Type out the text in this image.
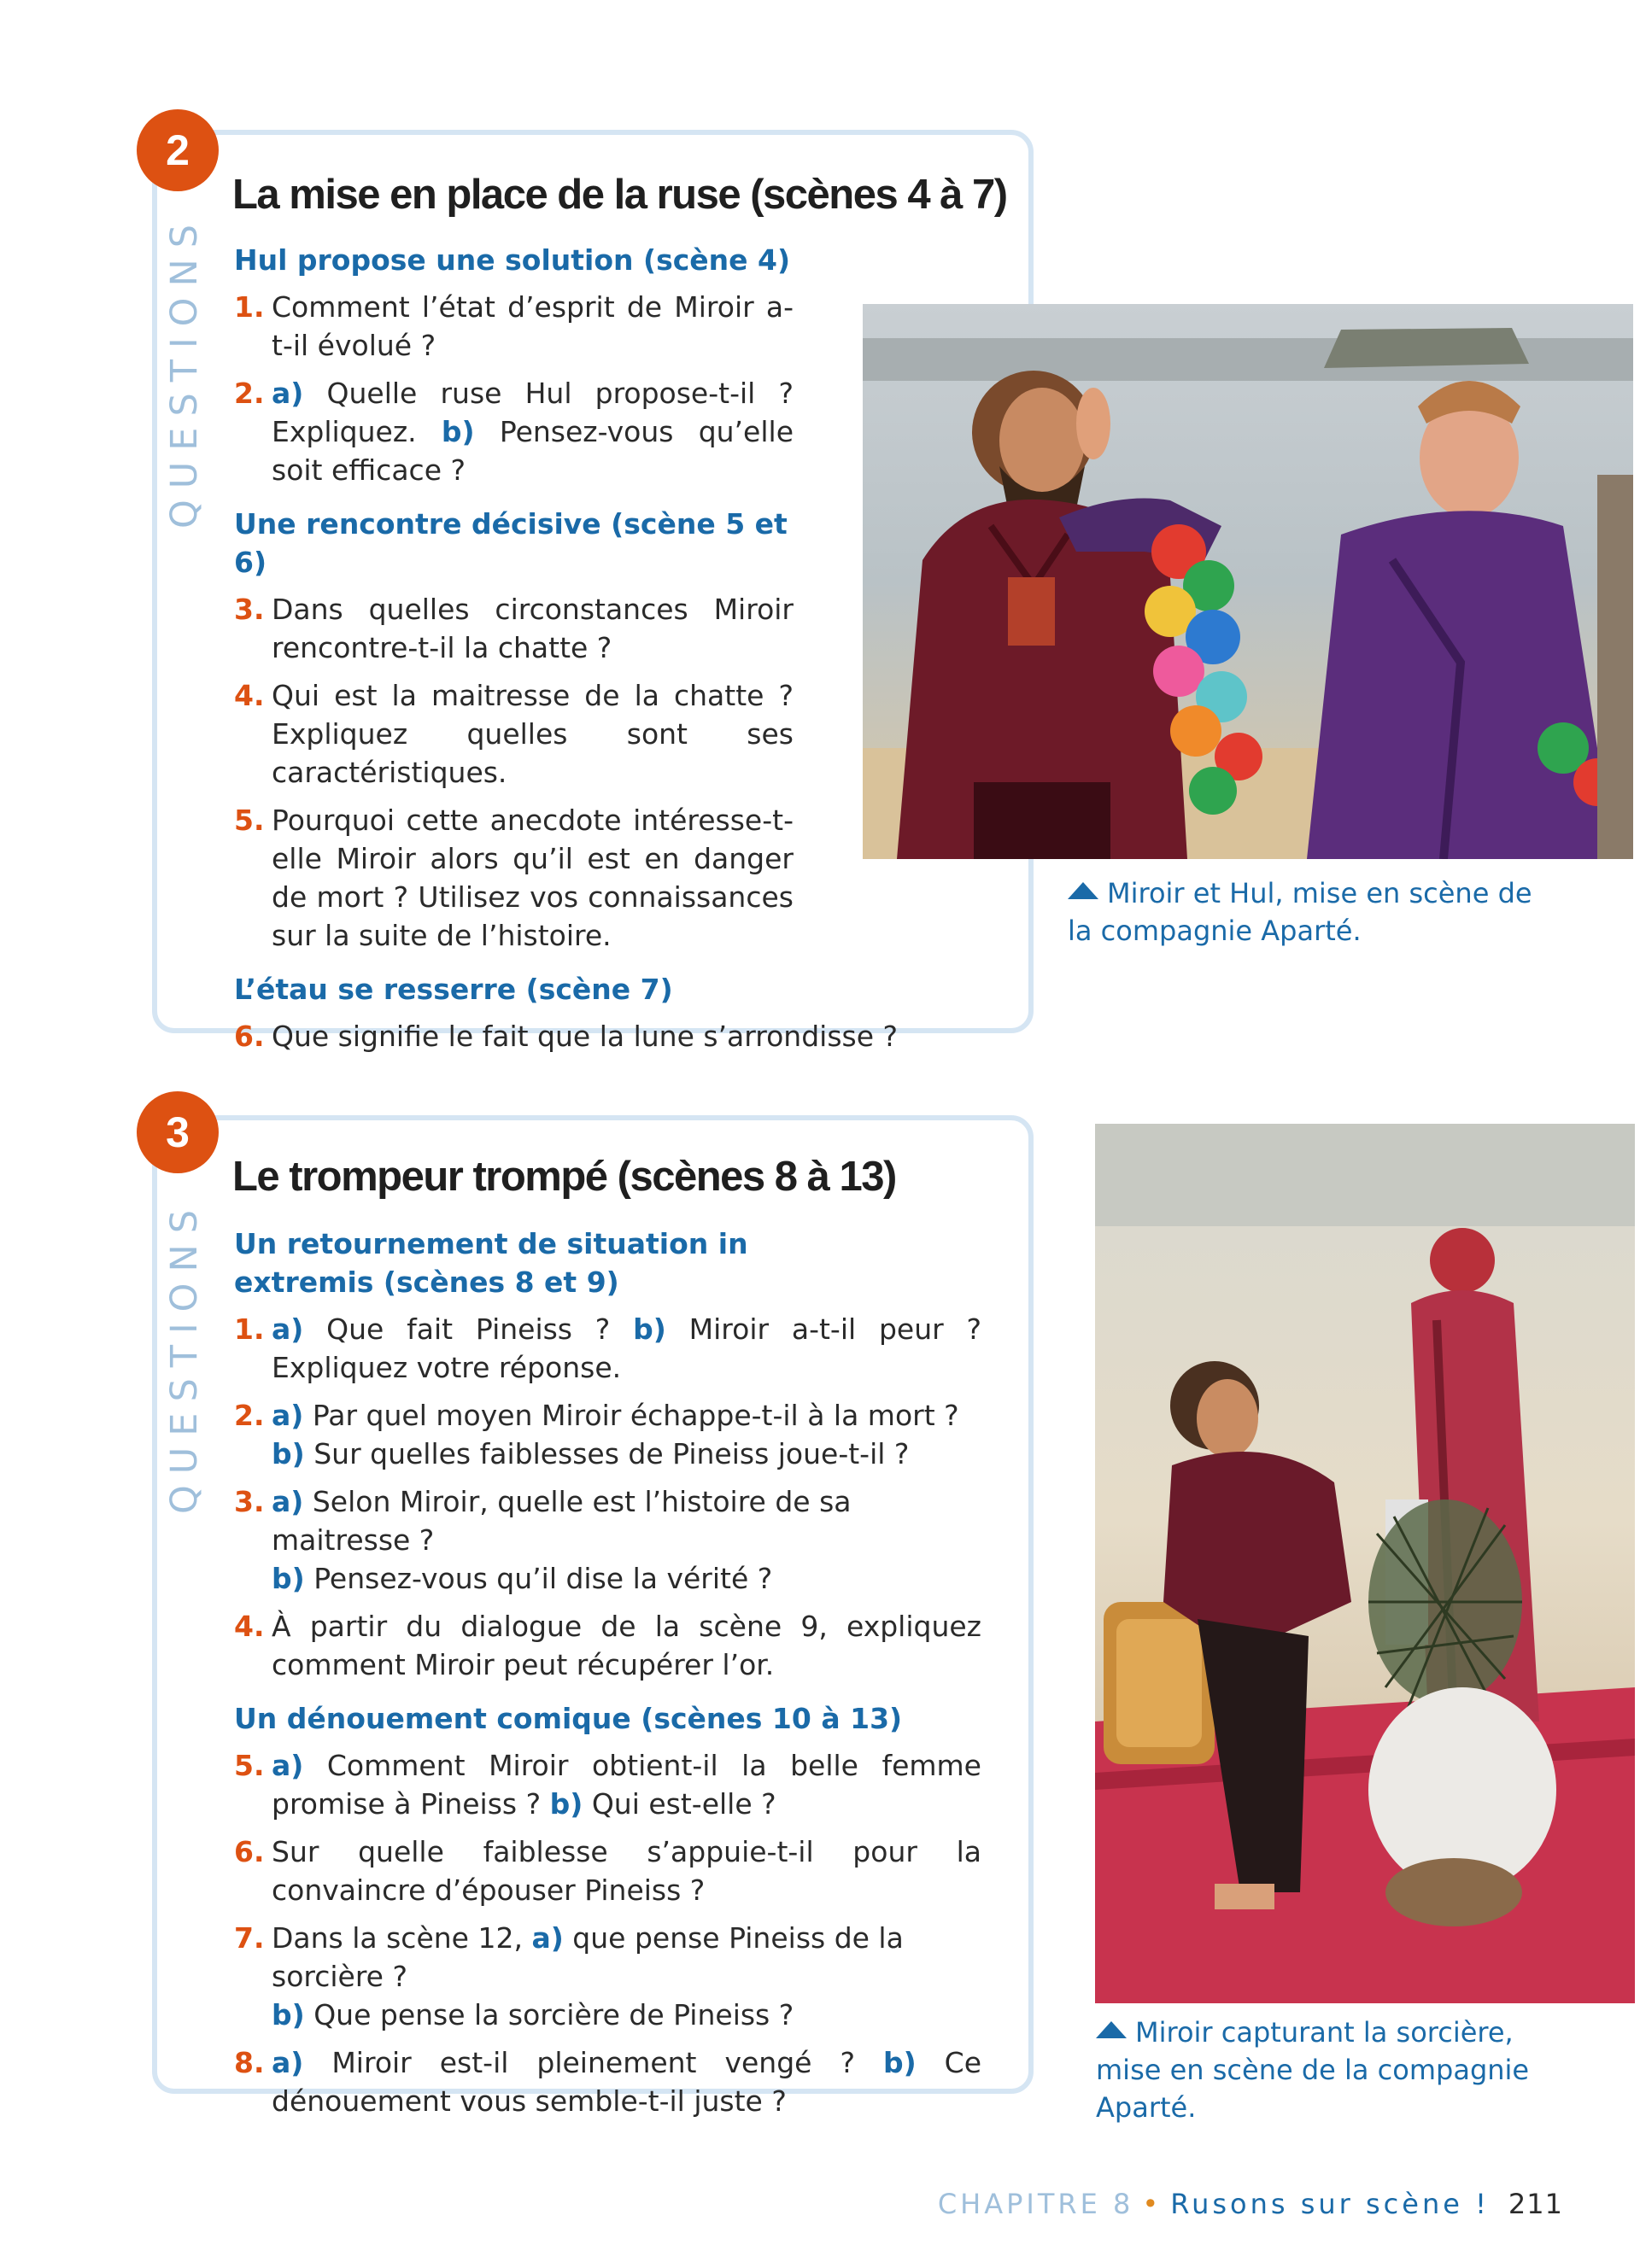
2
QUESTIONS
La mise en place de la ruse (scènes 4 à 7)
Hul propose une solution (scène 4)
1. Comment l’état d’esprit de Miroir a-t-il évolué ?
2. a) Quelle ruse Hul propose-t-il ? Expliquez. b) Pensez-vous qu’elle soit efficace ?
Une rencontre décisive (scène 5 et 6)
3. Dans quelles circonstances Miroir rencontre-t-il la chatte ?
4. Qui est la maitresse de la chatte ? Expliquez quelles sont ses caractéristiques.
5. Pourquoi cette anecdote intéresse-t-elle Miroir alors qu’il est en danger de mort ? Utilisez vos connaissances sur la suite de l’histoire.
L’étau se resserre (scène 7)
6. Que signifie le fait que la lune s’arrondisse ?
Miroir et Hul, mise en scène de la compagnie Aparté.
3
QUESTIONS
Le trompeur trompé (scènes 8 à 13)
Un retournement de situation in extremis (scènes 8 et 9)
1. a) Que fait Pineiss ? b) Miroir a-t-il peur ? Expliquez votre réponse.
2. a) Par quel moyen Miroir échappe-t-il à la mort ?
b) Sur quelles faiblesses de Pineiss joue-t-il ?
3. a) Selon Miroir, quelle est l’histoire de sa maitresse ?
b) Pensez-vous qu’il dise la vérité ?
4. À partir du dialogue de la scène 9, expliquez comment Miroir peut récupérer l’or.
Un dénouement comique (scènes 10 à 13)
5. a) Comment Miroir obtient-il la belle femme promise à Pineiss ? b) Qui est-elle ?
6. Sur quelle faiblesse s’appuie-t-il pour la convaincre d’épouser Pineiss ?
7. Dans la scène 12, a) que pense Pineiss de la sorcière ?
b) Que pense la sorcière de Pineiss ?
8. a) Miroir est-il pleinement vengé ? b) Ce dénouement vous semble-t-il juste ?
Miroir capturant la sorcière, mise en scène de la compagnie Aparté.
CHAPITRE 8 • Rusons sur scène ! 211
